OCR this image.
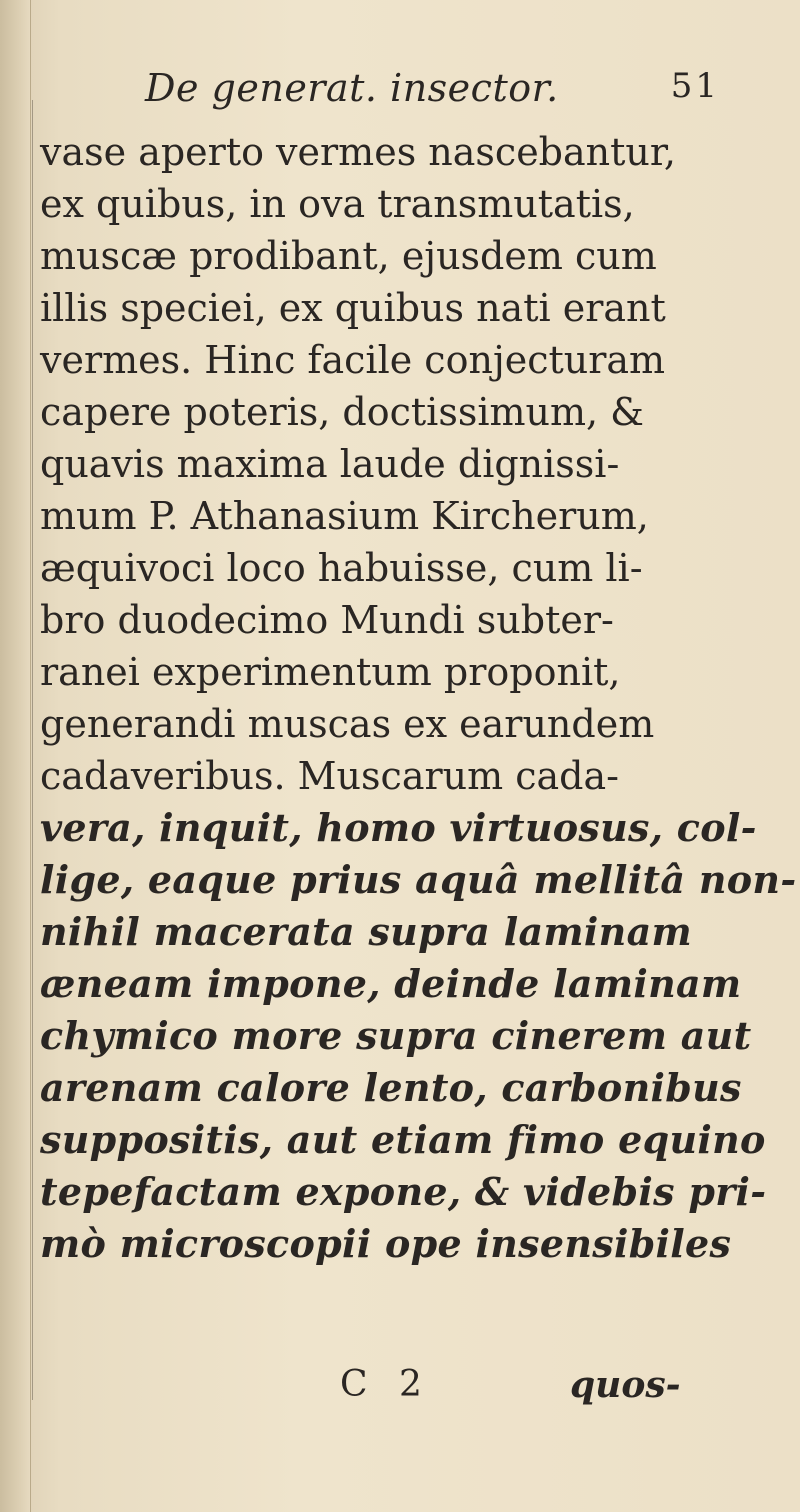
De generat. insector.	51
vase aperto vermes nascebantur,
ex quibus, in ova transmutatis,
muscæ prodibant, ejusdem cum
illis speciei, ex quibus nati erant
vermes. Hinc facile conjecturam
capere poteris, doctissimum, &
quavis maxima laude dignissi-
mum P. Athanasium Kircherum,
æquivoci loco habuisse, cum li-
bro duodecimo Mundi subter-
ranei experimentum proponit,
generandi muscas ex earundem
cadaveribus. Muscarum cada-
vera, inquit, homo virtuosus, col-
lige, eaque prius aquâ mellitâ non-
nihil macerata supra laminam
æneam impone, deinde laminam
chymico more supra cinerem aut
arenam calore lento, carbonibus
suppositis, aut etiam fimo equino
tepefactam expone, & videbis pri-
mò microscopii ope insensibiles
C 2	quos-
